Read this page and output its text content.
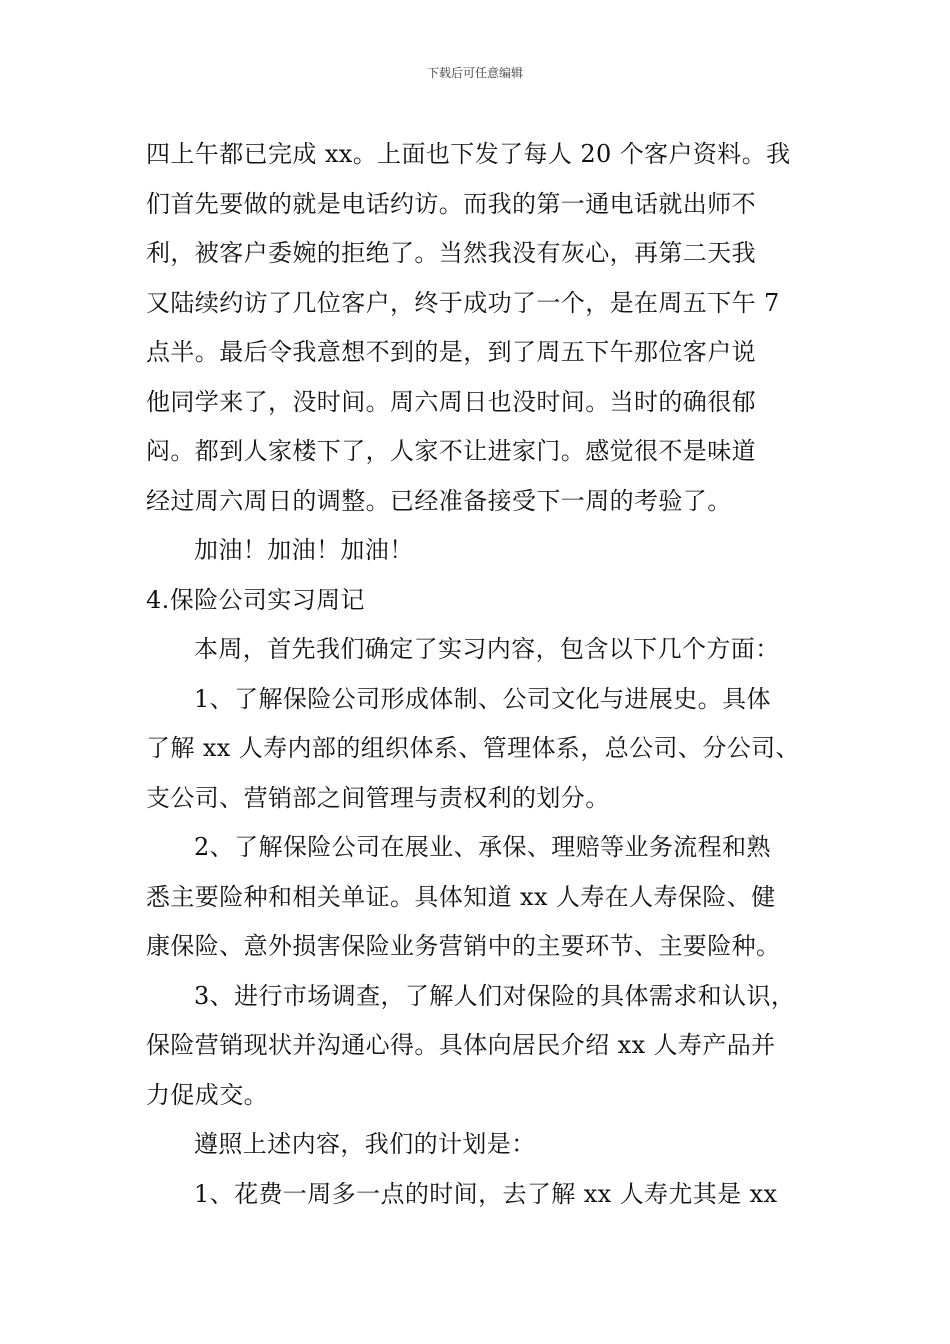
下载后可任意编辑
四上午都已完成 xx。上面也下发了每人 20 个客户资料。我
们首先要做的就是电话约访。而我的第一通电话就出师不
利，被客户委婉的拒绝了。当然我没有灰心，再第二天我
又陆续约访了几位客户，终于成功了一个，是在周五下午 7
点半。最后令我意想不到的是，到了周五下午那位客户说
他同学来了，没时间。周六周日也没时间。当时的确很郁
闷。都到人家楼下了，人家不让进家门。感觉很不是味道
经过周六周日的调整。已经准备接受下一周的考验了。
加油！加油！加油！
4.保险公司实习周记
本周，首先我们确定了实习内容，包含以下几个方面：
1、了解保险公司形成体制、公司文化与进展史。具体
了解 xx 人寿内部的组织体系、管理体系，总公司、分公司、
支公司、营销部之间管理与责权利的划分。
2、了解保险公司在展业、承保、理赔等业务流程和熟
悉主要险种和相关单证。具体知道 xx 人寿在人寿保险、健
康保险、意外损害保险业务营销中的主要环节、主要险种。
3、进行市场调查，了解人们对保险的具体需求和认识，
保险营销现状并沟通心得。具体向居民介绍 xx 人寿产品并
力促成交。
遵照上述内容，我们的计划是：
1、花费一周多一点的时间，去了解 xx 人寿尤其是 xx
